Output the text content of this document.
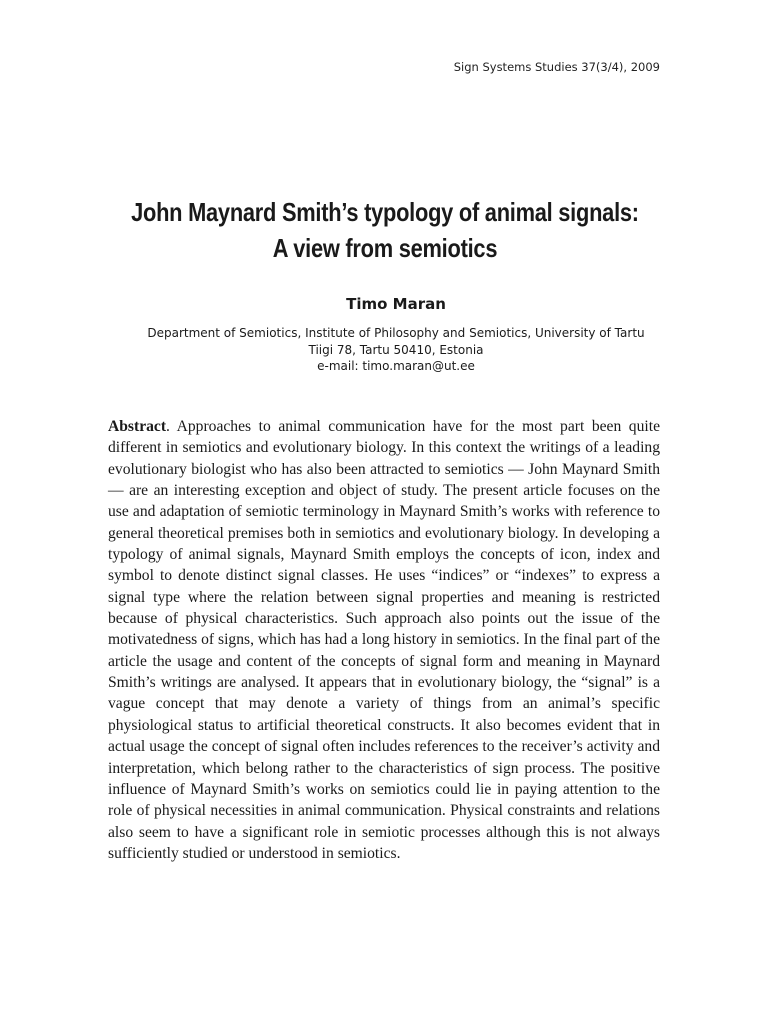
Sign Systems Studies 37(3/4), 2009
John Maynard Smith’s typology of animal signals:
A view from semiotics
Timo Maran
Department of Semiotics, Institute of Philosophy and Semiotics, University of Tartu
Tiigi 78, Tartu 50410, Estonia
e-mail: timo.maran@ut.ee
Abstract. Approaches to animal communication have for the most part been quite different in semiotics and evolutionary biology. In this context the writings of a leading evolutionary biologist who has also been attracted to semiotics — John Maynard Smith — are an interesting exception and object of study. The present article focuses on the use and adaptation of semiotic terminology in Maynard Smith’s works with reference to general theoretical premises both in semiotics and evolutionary biology. In developing a typology of animal signals, Maynard Smith employs the concepts of icon, index and symbol to denote distinct signal classes. He uses “indices” or “indexes” to express a signal type where the relation between signal properties and meaning is restricted because of physical characteristics. Such approach also points out the issue of the motivatedness of signs, which has had a long history in semiotics. In the final part of the article the usage and content of the concepts of signal form and meaning in Maynard Smith’s writings are analysed. It appears that in evolutionary biology, the “signal” is a vague concept that may denote a variety of things from an animal’s specific physiological status to artificial theoretical constructs. It also becomes evident that in actual usage the concept of signal often includes references to the receiver’s activity and interpretation, which belong rather to the characteristics of sign process. The positive influence of Maynard Smith’s works on semiotics could lie in paying attention to the role of physical necessities in animal communication. Physical constraints and relations also seem to have a significant role in semiotic processes although this is not always sufficiently studied or understood in semiotics.
